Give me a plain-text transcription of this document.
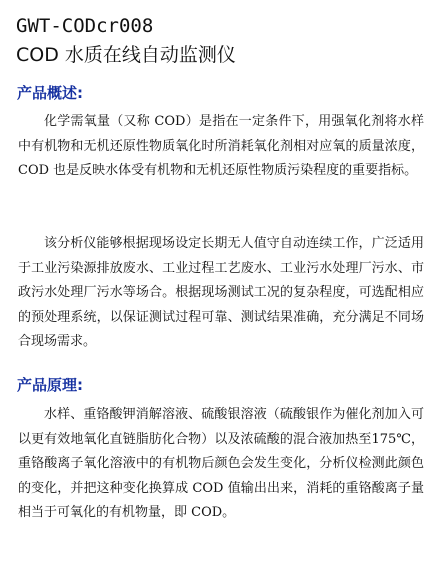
GWT-CODcr008
COD 水质在线自动监测仪
产品概述:

化学需氧量（又称 COD）是指在一定条件下，用强氧化剂将水样中有机物和无机还原性物质氧化时所消耗氧化剂相对应氧的质量浓度，COD 也是反映水体受有机物和无机还原性物质污染程度的重要指标。

该分析仪能够根据现场设定长期无人值守自动连续工作，广泛适用于工业污染源排放废水、工业过程工艺废水、工业污水处理厂污水、市政污水处理厂污水等场合。根据现场测试工况的复杂程度，可选配相应的预处理系统，以保证测试过程可靠、测试结果准确，充分满足不同场合现场需求。

产品原理:

水样、重铬酸钾消解溶液、硫酸银溶液（硫酸银作为催化剂加入可以更有效地氧化直链脂肪化合物）以及浓硫酸的混合液加热至175℃，重铬酸离子氧化溶液中的有机物后颜色会发生变化，分析仪检测此颜色的变化，并把这种变化换算成 COD 值输出出来，消耗的重铬酸离子量相当于可氧化的有机物量，即 COD。
